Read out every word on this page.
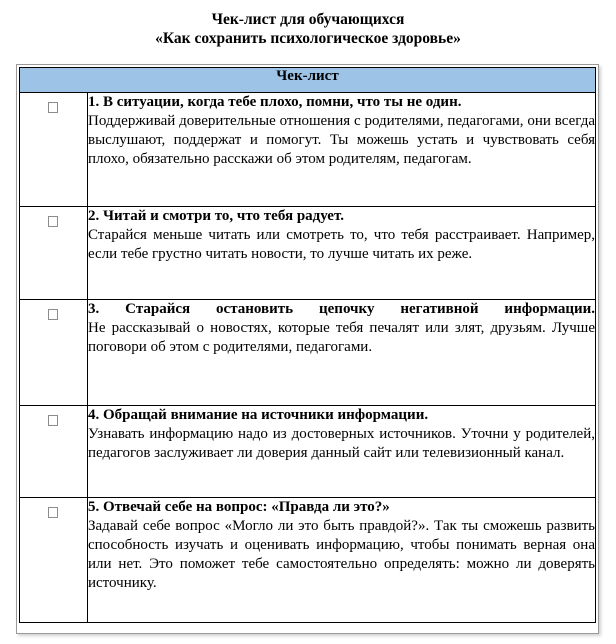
Чек-лист для обучающихся
«Как сохранить психологическое здоровье»
Чек-лист	

	1. В ситуации, когда тебе плохо, помни, что ты не один.
Поддерживай доверительные отношения с родителями, педагогами, они всегда выслушают, поддержат и помогут. Ты можешь устать и чувствовать себя плохо, обязательно расскажи об этом родителям, педагогам.

	2. Читай и смотри то, что тебя радует.
Старайся меньше читать или смотреть то, что тебя расстраивает. Например, если тебе грустно читать новости, то лучше читать их реже.

	3. Старайся остановить цепочку негативной информации.
Не рассказывай о новостях, которые тебя печалят или злят, друзьям. Лучше поговори об этом с родителями, педагогами.

	4. Обращай внимание на источники информации.
Узнавать информацию надо из достоверных источников. Уточни у родителей, педагогов заслуживает ли доверия данный сайт или телевизионный канал.

	5. Отвечай себе на вопрос: «Правда ли это?»
Задавай себе вопрос «Могло ли это быть правдой?». Так ты сможешь развить способность изучать и оценивать информацию, чтобы понимать верная она или нет. Это поможет тебе самостоятельно определять: можно ли доверять источнику.
